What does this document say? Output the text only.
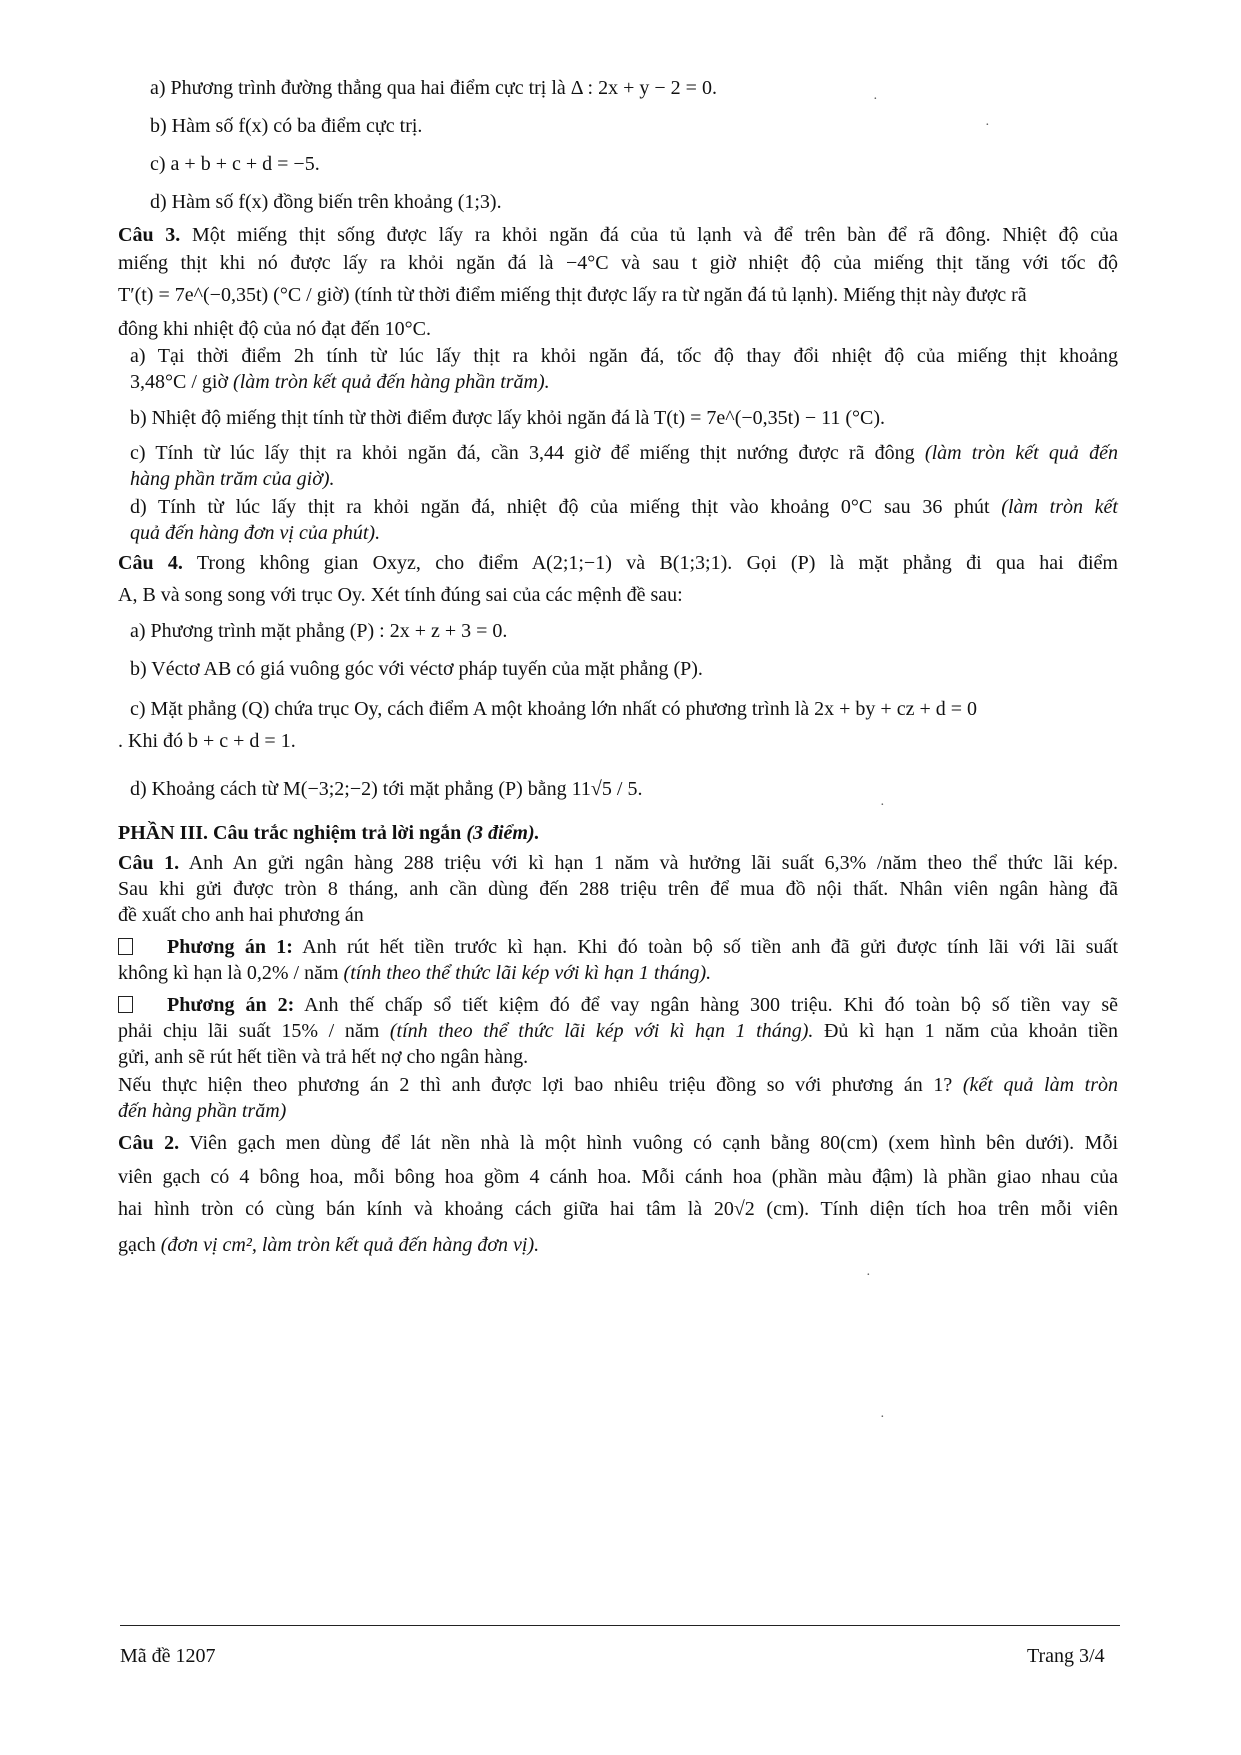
a) Phương trình đường thẳng qua hai điểm cực trị là Δ : 2x + y − 2 = 0.
b) Hàm số f(x) có ba điểm cực trị.
c) a + b + c + d = −5.
d) Hàm số f(x) đồng biến trên khoảng (1;3).
Câu 3. Một miếng thịt sống được lấy ra khỏi ngăn đá của tủ lạnh và để trên bàn để rã đông. Nhiệt độ của
miếng thịt khi nó được lấy ra khỏi ngăn đá là −4°C và sau t giờ nhiệt độ của miếng thịt tăng với tốc độ
T′(t) = 7e^(−0,35t) (°C / giờ) (tính từ thời điểm miếng thịt được lấy ra từ ngăn đá tủ lạnh). Miếng thịt này được rã
đông khi nhiệt độ của nó đạt đến 10°C.
a) Tại thời điểm 2h tính từ lúc lấy thịt ra khỏi ngăn đá, tốc độ thay đổi nhiệt độ của miếng thịt khoảng
3,48°C / giờ (làm tròn kết quả đến hàng phần trăm).
b) Nhiệt độ miếng thịt tính từ thời điểm được lấy khỏi ngăn đá là T(t) = 7e^(−0,35t) − 11 (°C).
c) Tính từ lúc lấy thịt ra khỏi ngăn đá, cần 3,44 giờ để miếng thịt nướng được rã đông (làm tròn kết quả đến
hàng phần trăm của giờ).
d) Tính từ lúc lấy thịt ra khỏi ngăn đá, nhiệt độ của miếng thịt vào khoảng 0°C sau 36 phút (làm tròn kết
quả đến hàng đơn vị của phút).
Câu 4. Trong không gian Oxyz, cho điểm A(2;1;−1) và B(1;3;1). Gọi (P) là mặt phẳng đi qua hai điểm
A, B và song song với trục Oy. Xét tính đúng sai của các mệnh đề sau:
a) Phương trình mặt phẳng (P) : 2x + z + 3 = 0.
b) Véctơ AB có giá vuông góc với véctơ pháp tuyến của mặt phẳng (P).
c) Mặt phẳng (Q) chứa trục Oy, cách điểm A một khoảng lớn nhất có phương trình là 2x + by + cz + d = 0
. Khi đó b + c + d = 1.
d) Khoảng cách từ M(−3;2;−2) tới mặt phẳng (P) bằng 11√5 / 5.
PHẦN III. Câu trắc nghiệm trả lời ngắn (3 điểm).
Câu 1. Anh An gửi ngân hàng 288 triệu với kì hạn 1 năm và hưởng lãi suất 6,3% /năm theo thể thức lãi kép.
Sau khi gửi được tròn 8 tháng, anh cần dùng đến 288 triệu trên để mua đồ nội thất. Nhân viên ngân hàng đã
đề xuất cho anh hai phương án
Phương án 1: Anh rút hết tiền trước kì hạn. Khi đó toàn bộ số tiền anh đã gửi được tính lãi với lãi suất
không kì hạn là 0,2% / năm (tính theo thể thức lãi kép với kì hạn 1 tháng).
Phương án 2: Anh thế chấp sổ tiết kiệm đó để vay ngân hàng 300 triệu. Khi đó toàn bộ số tiền vay sẽ
phải chịu lãi suất 15% / năm (tính theo thể thức lãi kép với kì hạn 1 tháng). Đủ kì hạn 1 năm của khoản tiền
gửi, anh sẽ rút hết tiền và trả hết nợ cho ngân hàng.
Nếu thực hiện theo phương án 2 thì anh được lợi bao nhiêu triệu đồng so với phương án 1? (kết quả làm tròn
đến hàng phần trăm)
Câu 2. Viên gạch men dùng để lát nền nhà là một hình vuông có cạnh bằng 80(cm) (xem hình bên dưới). Mỗi
viên gạch có 4 bông hoa, mỗi bông hoa gồm 4 cánh hoa. Mỗi cánh hoa (phần màu đậm) là phần giao nhau của
hai hình tròn có cùng bán kính và khoảng cách giữa hai tâm là 20√2 (cm). Tính diện tích hoa trên mỗi viên
gạch (đơn vị cm², làm tròn kết quả đến hàng đơn vị).
·
·
·
·
·
Mã đề 1207	Trang 3/4
